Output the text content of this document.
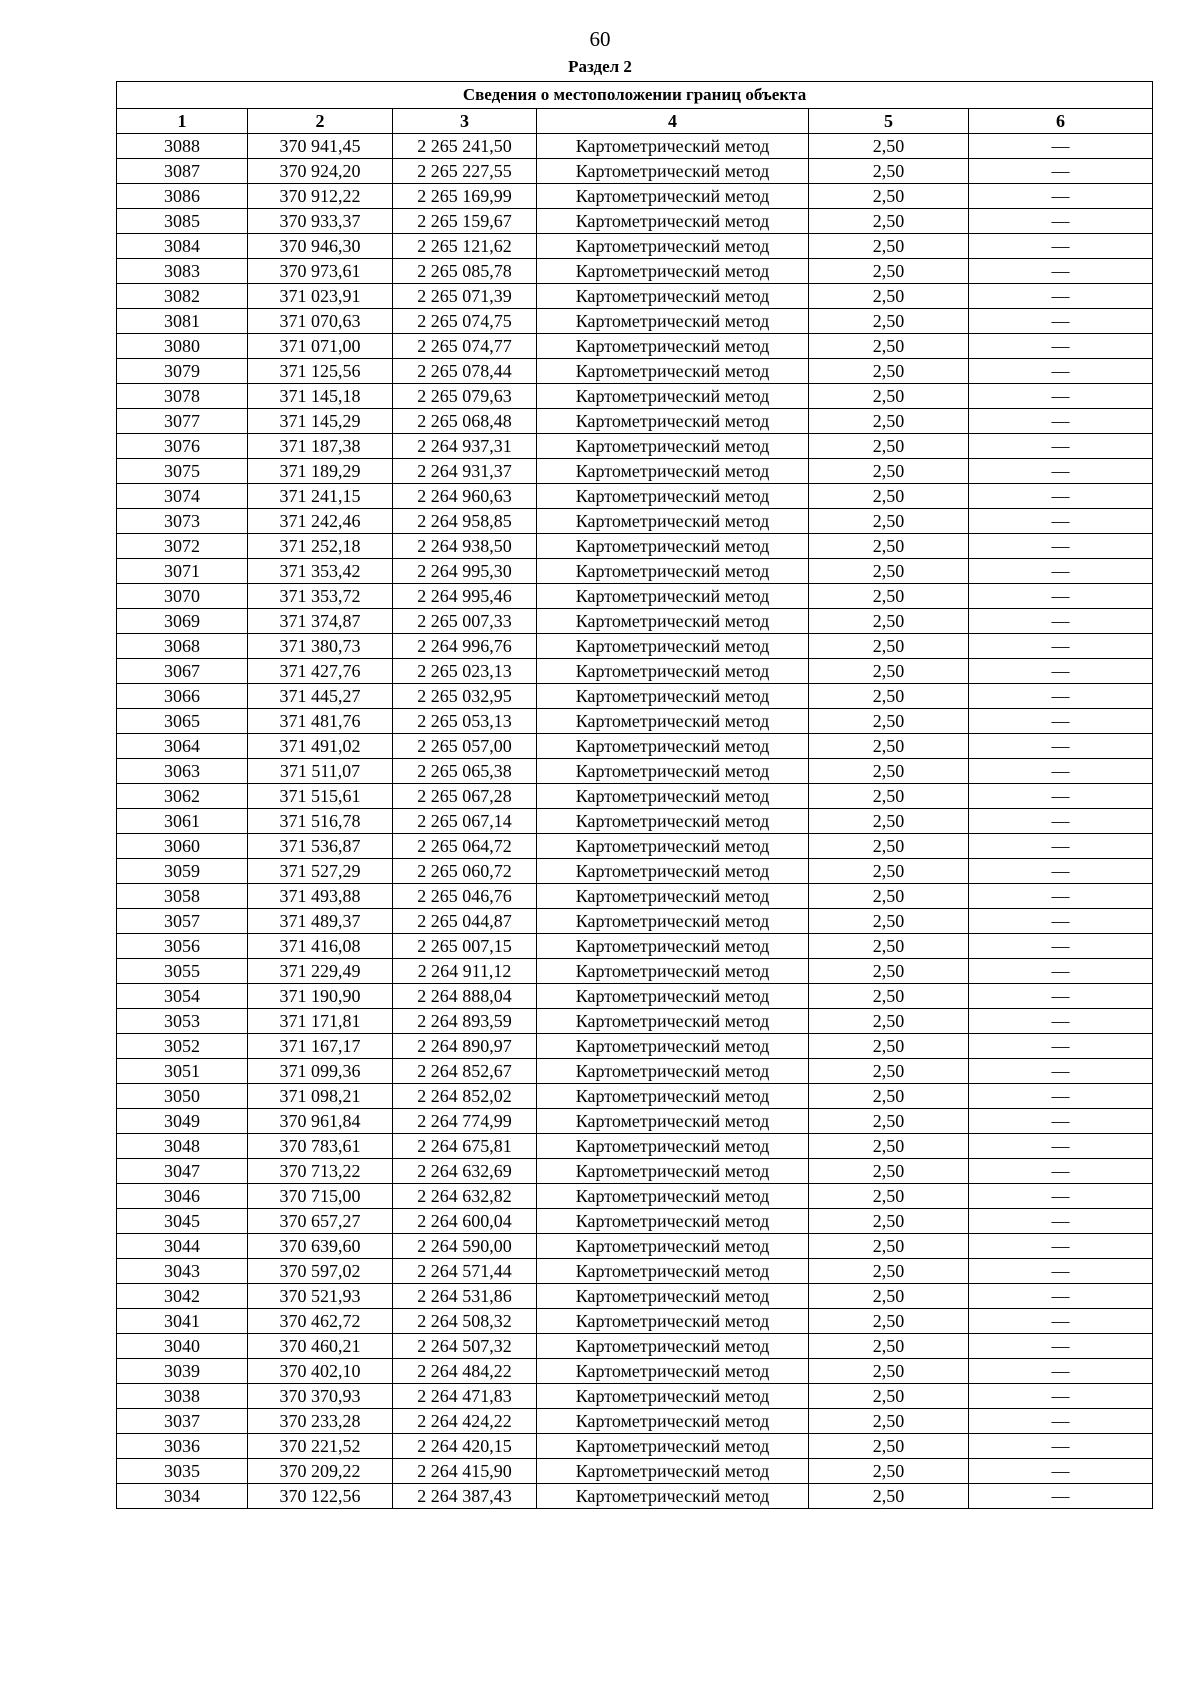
60
Раздел 2
Сведения о местоположении границ объекта					
1	2	3	4	5	6
3088	370 941,45	2 265 241,50	Картометрический метод	2,50	—
3087	370 924,20	2 265 227,55	Картометрический метод	2,50	—
3086	370 912,22	2 265 169,99	Картометрический метод	2,50	—
3085	370 933,37	2 265 159,67	Картометрический метод	2,50	—
3084	370 946,30	2 265 121,62	Картометрический метод	2,50	—
3083	370 973,61	2 265 085,78	Картометрический метод	2,50	—
3082	371 023,91	2 265 071,39	Картометрический метод	2,50	—
3081	371 070,63	2 265 074,75	Картометрический метод	2,50	—
3080	371 071,00	2 265 074,77	Картометрический метод	2,50	—
3079	371 125,56	2 265 078,44	Картометрический метод	2,50	—
3078	371 145,18	2 265 079,63	Картометрический метод	2,50	—
3077	371 145,29	2 265 068,48	Картометрический метод	2,50	—
3076	371 187,38	2 264 937,31	Картометрический метод	2,50	—
3075	371 189,29	2 264 931,37	Картометрический метод	2,50	—
3074	371 241,15	2 264 960,63	Картометрический метод	2,50	—
3073	371 242,46	2 264 958,85	Картометрический метод	2,50	—
3072	371 252,18	2 264 938,50	Картометрический метод	2,50	—
3071	371 353,42	2 264 995,30	Картометрический метод	2,50	—
3070	371 353,72	2 264 995,46	Картометрический метод	2,50	—
3069	371 374,87	2 265 007,33	Картометрический метод	2,50	—
3068	371 380,73	2 264 996,76	Картометрический метод	2,50	—
3067	371 427,76	2 265 023,13	Картометрический метод	2,50	—
3066	371 445,27	2 265 032,95	Картометрический метод	2,50	—
3065	371 481,76	2 265 053,13	Картометрический метод	2,50	—
3064	371 491,02	2 265 057,00	Картометрический метод	2,50	—
3063	371 511,07	2 265 065,38	Картометрический метод	2,50	—
3062	371 515,61	2 265 067,28	Картометрический метод	2,50	—
3061	371 516,78	2 265 067,14	Картометрический метод	2,50	—
3060	371 536,87	2 265 064,72	Картометрический метод	2,50	—
3059	371 527,29	2 265 060,72	Картометрический метод	2,50	—
3058	371 493,88	2 265 046,76	Картометрический метод	2,50	—
3057	371 489,37	2 265 044,87	Картометрический метод	2,50	—
3056	371 416,08	2 265 007,15	Картометрический метод	2,50	—
3055	371 229,49	2 264 911,12	Картометрический метод	2,50	—
3054	371 190,90	2 264 888,04	Картометрический метод	2,50	—
3053	371 171,81	2 264 893,59	Картометрический метод	2,50	—
3052	371 167,17	2 264 890,97	Картометрический метод	2,50	—
3051	371 099,36	2 264 852,67	Картометрический метод	2,50	—
3050	371 098,21	2 264 852,02	Картометрический метод	2,50	—
3049	370 961,84	2 264 774,99	Картометрический метод	2,50	—
3048	370 783,61	2 264 675,81	Картометрический метод	2,50	—
3047	370 713,22	2 264 632,69	Картометрический метод	2,50	—
3046	370 715,00	2 264 632,82	Картометрический метод	2,50	—
3045	370 657,27	2 264 600,04	Картометрический метод	2,50	—
3044	370 639,60	2 264 590,00	Картометрический метод	2,50	—
3043	370 597,02	2 264 571,44	Картометрический метод	2,50	—
3042	370 521,93	2 264 531,86	Картометрический метод	2,50	—
3041	370 462,72	2 264 508,32	Картометрический метод	2,50	—
3040	370 460,21	2 264 507,32	Картометрический метод	2,50	—
3039	370 402,10	2 264 484,22	Картометрический метод	2,50	—
3038	370 370,93	2 264 471,83	Картометрический метод	2,50	—
3037	370 233,28	2 264 424,22	Картометрический метод	2,50	—
3036	370 221,52	2 264 420,15	Картометрический метод	2,50	—
3035	370 209,22	2 264 415,90	Картометрический метод	2,50	—
3034	370 122,56	2 264 387,43	Картометрический метод	2,50	—
